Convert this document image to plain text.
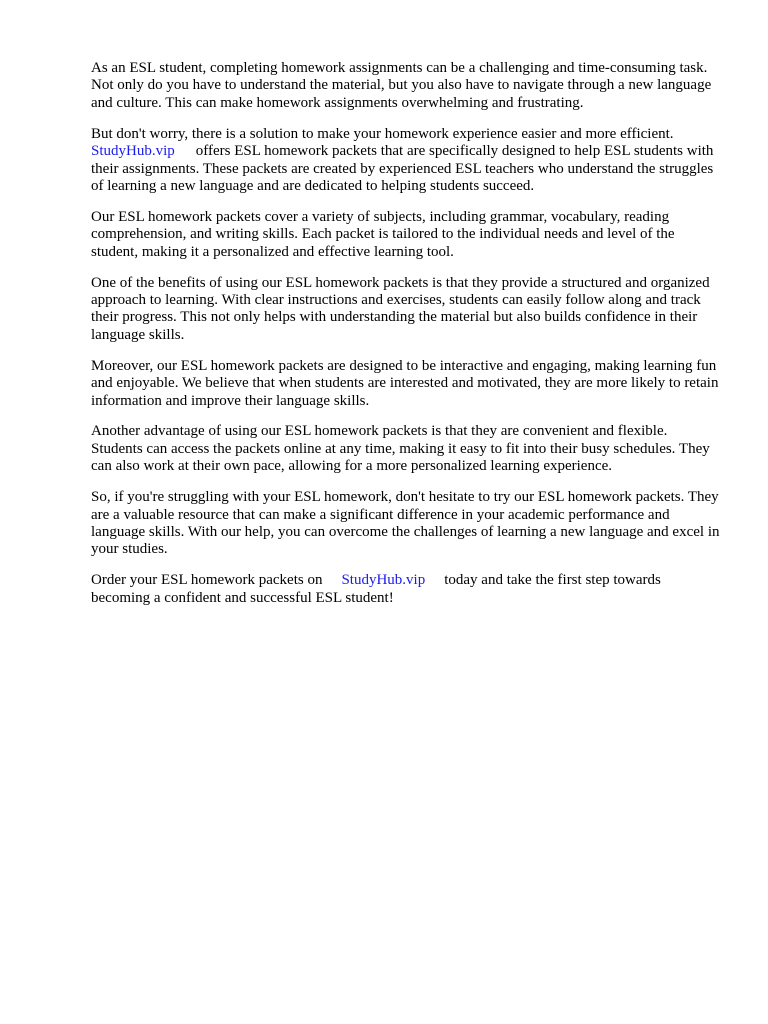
As an ESL student, completing homework assignments can be a challenging and time-consuming task. Not only do you have to understand the material, but you also have to navigate through a new language and culture. This can make homework assignments overwhelming and frustrating.

But don't worry, there is a solution to make your homework experience easier and more efficient.
StudyHub.vip offers ESL homework packets that are specifically designed to help ESL students with their assignments. These packets are created by experienced ESL teachers who understand the struggles of learning a new language and are dedicated to helping students succeed.

Our ESL homework packets cover a variety of subjects, including grammar, vocabulary, reading comprehension, and writing skills. Each packet is tailored to the individual needs and level of the student, making it a personalized and effective learning tool.

One of the benefits of using our ESL homework packets is that they provide a structured and organized approach to learning. With clear instructions and exercises, students can easily follow along and track their progress. This not only helps with understanding the material but also builds confidence in their language skills.

Moreover, our ESL homework packets are designed to be interactive and engaging, making learning fun and enjoyable. We believe that when students are interested and motivated, they are more likely to retain information and improve their language skills.

Another advantage of using our ESL homework packets is that they are convenient and flexible. Students can access the packets online at any time, making it easy to fit into their busy schedules. They can also work at their own pace, allowing for a more personalized learning experience.

So, if you're struggling with your ESL homework, don't hesitate to try our ESL homework packets. They are a valuable resource that can make a significant difference in your academic performance and language skills. With our help, you can overcome the challenges of learning a new language and excel in your studies.

Order your ESL homework packets on StudyHub.vip today and take the first step towards becoming a confident and successful ESL student!
